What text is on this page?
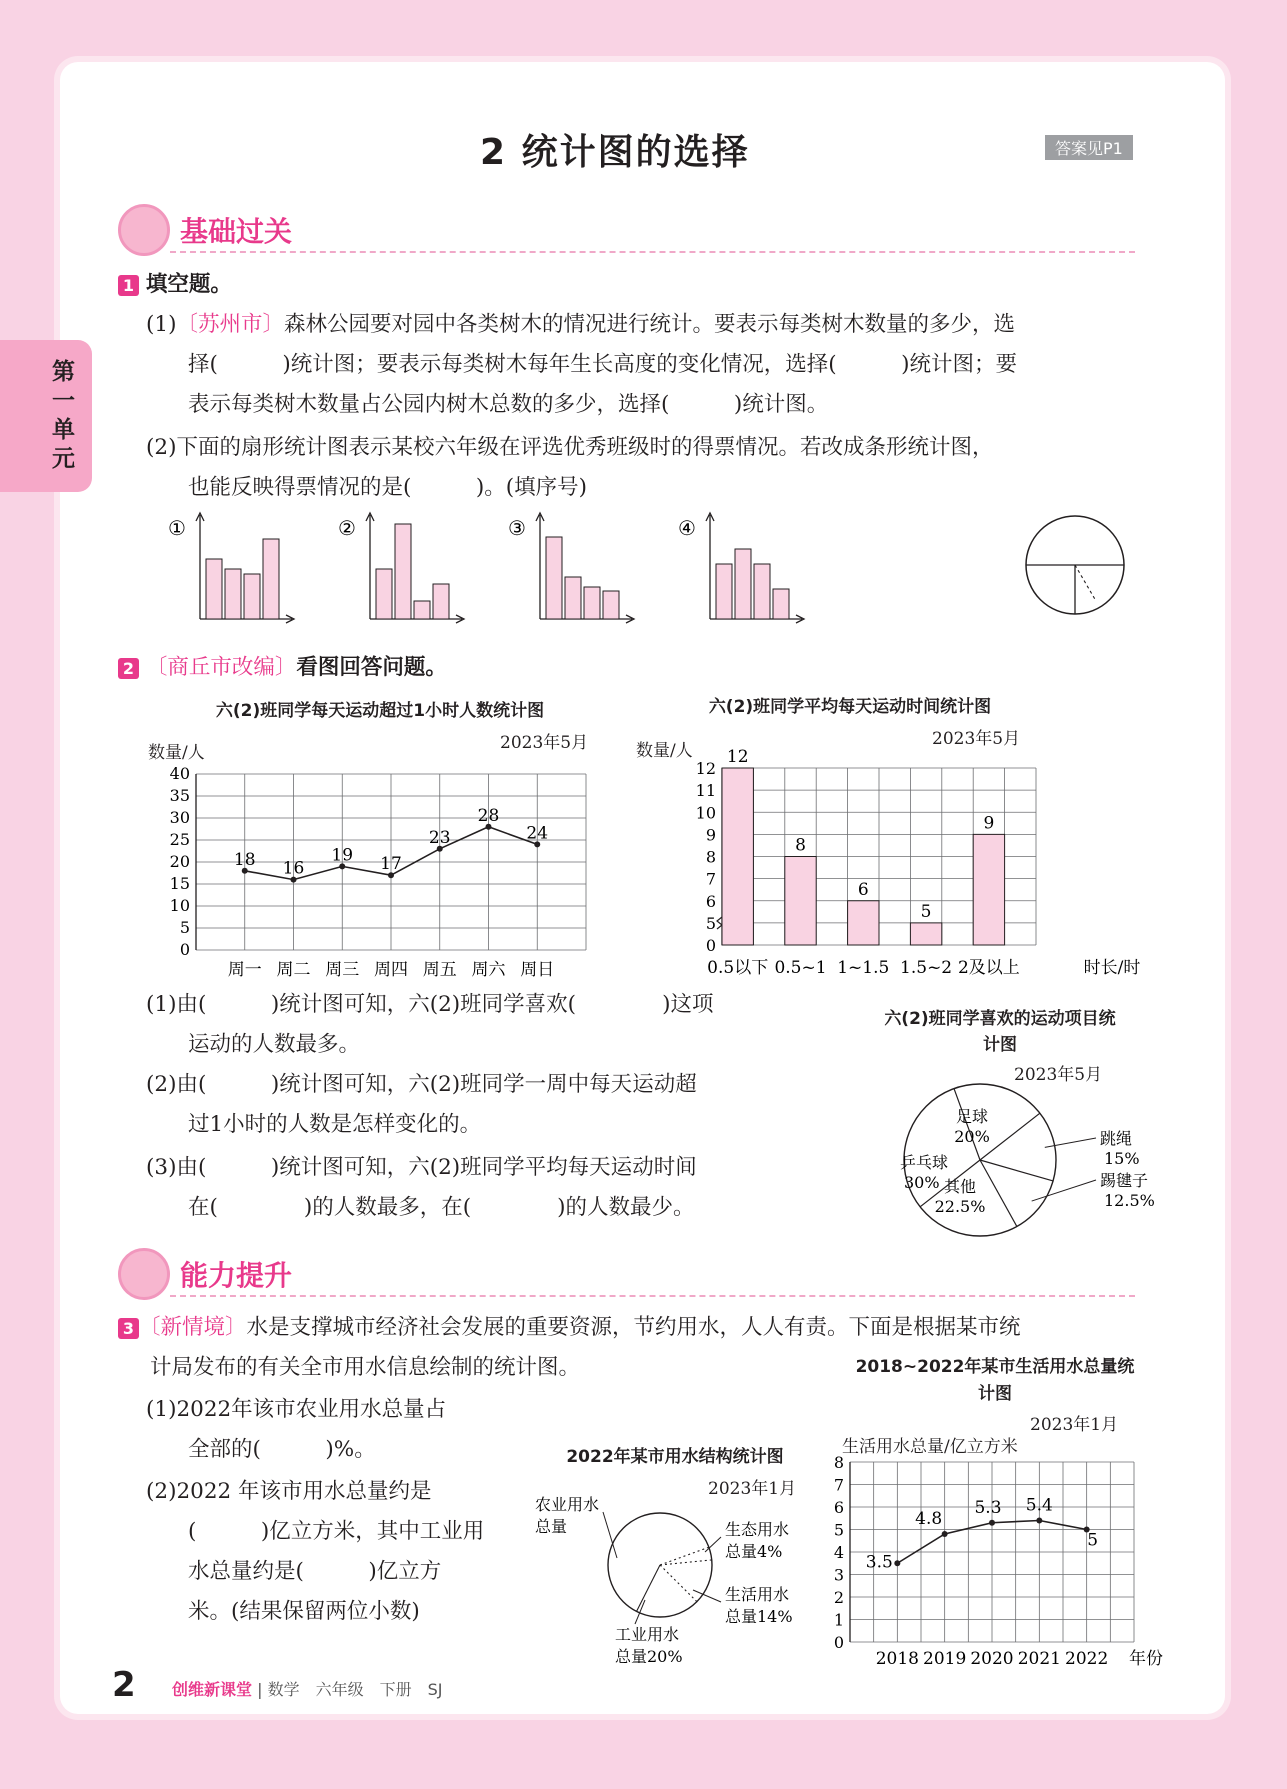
第一单元
2 统计图的选择	答案见P1
基础过关
1 填空题。
(1)〔苏州市〕森林公园要对园中各类树木的情况进行统计。要表示每类树木数量的多少，选
择(　　　)统计图；要表示每类树木每年生长高度的变化情况，选择(　　　)统计图；要
表示每类树木数量占公园内树木总数的多少，选择(　　　)统计图。
(2)下面的扇形统计图表示某校六年级在评选优秀班级时的得票情况。若改成条形统计图，
也能反映得票情况的是(　　　)。(填序号)
①	②	③	④
2 〔商丘市改编〕看图回答问题。
六(2)班同学每天运动超过1小时人数统计图
2023年5月
数量/人
0
5
10
15
20
25
30
35
40
18
周一
16
周二
19
周三
17
周四
23
周五
28
周六
24
周日
六(2)班同学平均每天运动时间统计图
2023年5月
数量/人
0
5
6
7
8
9
10
11
12
12
0.5以下
8
0.5~1
6
1~1.5
5
1.5~2
9
2及以上	时长/时
(1)由(　　　)统计图可知，六(2)班同学喜欢(　　　　)这项
运动的人数最多。
(2)由(　　　)统计图可知，六(2)班同学一周中每天运动超
过1小时的人数是怎样变化的。
(3)由(　　　)统计图可知，六(2)班同学平均每天运动时间
在(　　　　)的人数最多，在(　　　　)的人数最少。
六(2)班同学喜欢的运动项目统计图
2023年5月
足球
20%	跳绳
15%
踢毽子
12.5%
其他
22.5%
乒乓球
30%
能力提升
3 〔新情境〕水是支撑城市经济社会发展的重要资源，节约用水，人人有责。下面是根据某市统
计局发布的有关全市用水信息绘制的统计图。
(1)2022年该市农业用水总量占
全部的(　　　)%。
(2)2022 年该市用水总量约是
(　　　)亿立方米，其中工业用
水总量约是(　　　)亿立方
米。(结果保留两位小数)
2022年某市用水结构统计图
2023年1月
农业用水
总量	生态用水
总量4%
生活用水
总量14%
工业用水
总量20%
2018~2022年某市生活用水总量统计图
2023年1月
生活用水总量/亿立方米
0
1
2
3
4
5
6
7
8
3.5
2018
4.8
2019
5.3
2020
5.4
2021
5
2022 年份
2 创维新课堂 | 数学　六年级　下册　SJ
